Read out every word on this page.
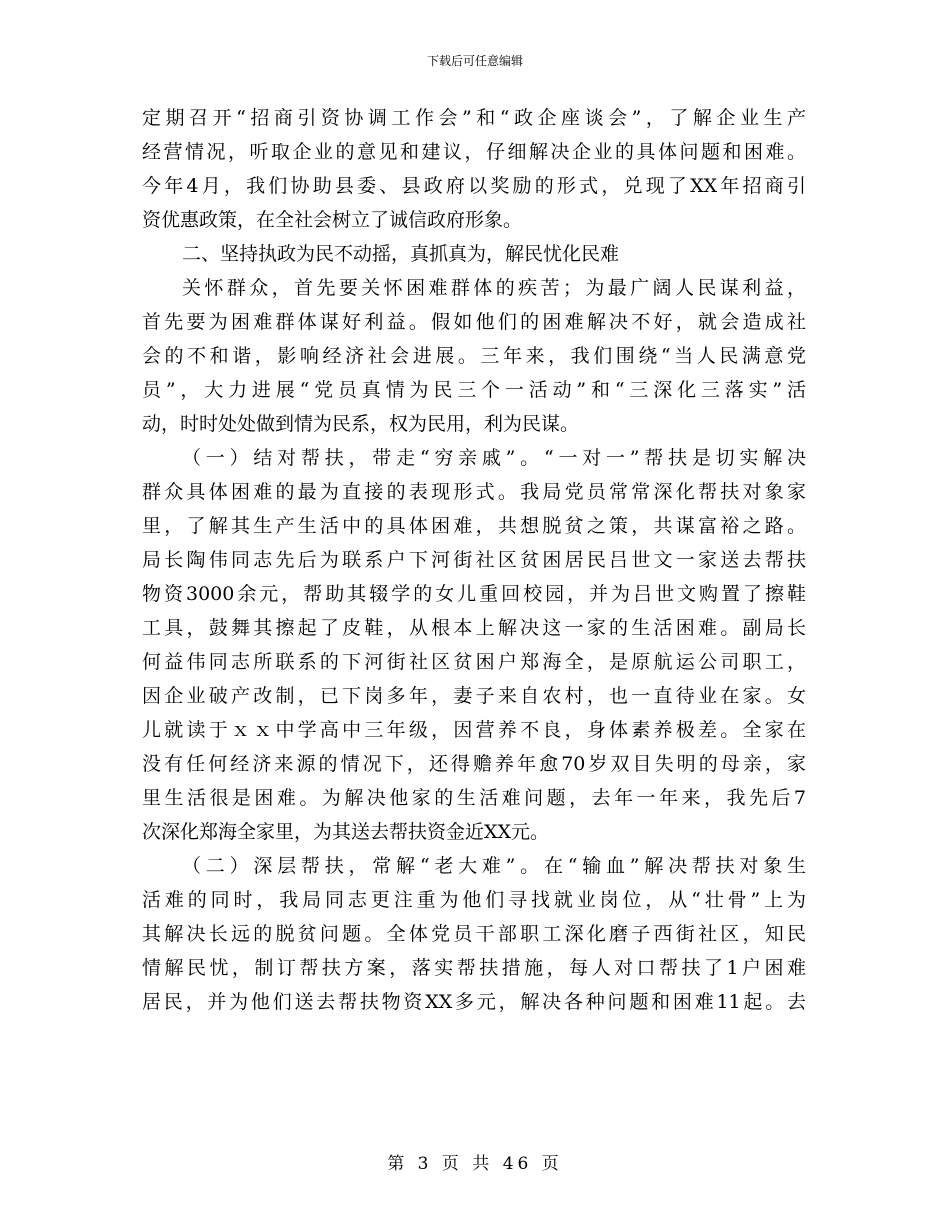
下载后可任意编辑
定期召开“招商引资协调工作会”和“政企座谈会”，了解企业生产
经营情况，听取企业的意见和建议，仔细解决企业的具体问题和困难。
今年4月，我们协助县委、县政府以奖励的形式，兑现了XX年招商引
资优惠政策，在全社会树立了诚信政府形象。
二、坚持执政为民不动摇，真抓真为，解民忧化民难
关怀群众，首先要关怀困难群体的疾苦；为最广阔人民谋利益，
首先要为困难群体谋好利益。假如他们的困难解决不好，就会造成社
会的不和谐，影响经济社会进展。三年来，我们围绕“当人民满意党
员”，大力进展“党员真情为民三个一活动”和“三深化三落实”活
动，时时处处做到情为民系，权为民用，利为民谋。
（一）结对帮扶，带走“穷亲戚”。“一对一”帮扶是切实解决
群众具体困难的最为直接的表现形式。我局党员常常深化帮扶对象家
里，了解其生产生活中的具体困难，共想脱贫之策，共谋富裕之路。
局长陶伟同志先后为联系户下河街社区贫困居民吕世文一家送去帮扶
物资3000余元，帮助其辍学的女儿重回校园，并为吕世文购置了擦鞋
工具，鼓舞其擦起了皮鞋，从根本上解决这一家的生活困难。副局长
何益伟同志所联系的下河街社区贫困户郑海全，是原航运公司职工，
因企业破产改制，已下岗多年，妻子来自农村，也一直待业在家。女
儿就读于ｘｘ中学高中三年级，因营养不良，身体素养极差。全家在
没有任何经济来源的情况下，还得赡养年愈70岁双目失明的母亲，家
里生活很是困难。为解决他家的生活难问题，去年一年来，我先后7
次深化郑海全家里，为其送去帮扶资金近XX元。
（二）深层帮扶，常解“老大难”。在“输血”解决帮扶对象生
活难的同时，我局同志更注重为他们寻找就业岗位，从“壮骨”上为
其解决长远的脱贫问题。全体党员干部职工深化磨子西街社区，知民
情解民忧，制订帮扶方案，落实帮扶措施，每人对口帮扶了1户困难
居民，并为他们送去帮扶物资XX多元，解决各种问题和困难11起。去
第 3 页 共 46 页
